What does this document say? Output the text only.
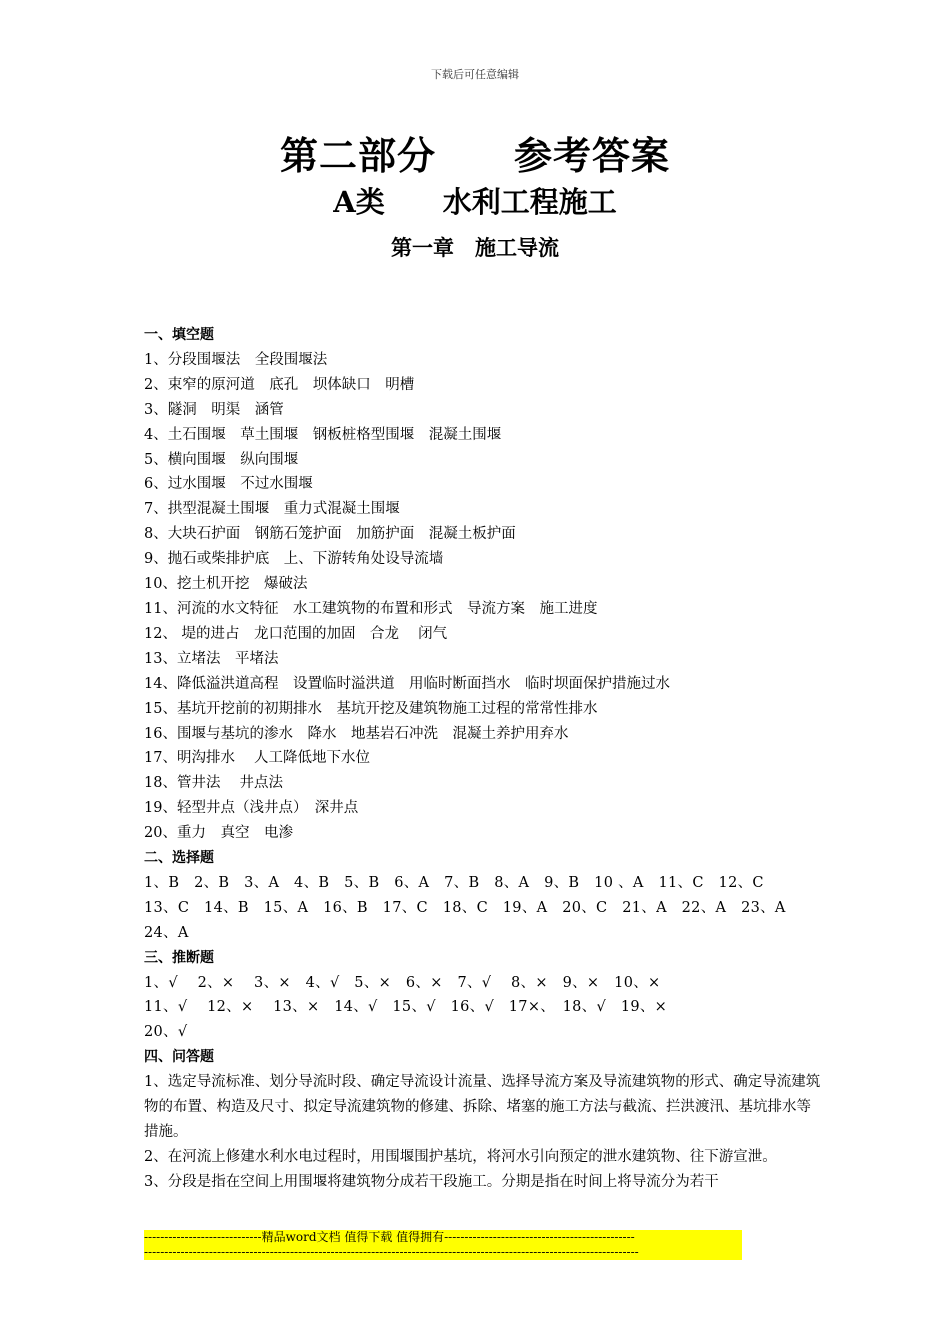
下载后可任意编辑
第二部分　　参考答案
A类　　水利工程施工
第一章　施工导流
一、填空题
1、分段围堰法　全段围堰法
2、束窄的原河道　底孔　坝体缺口　明槽
3、隧洞　明渠　涵管
4、土石围堰　草土围堰　钢板桩格型围堰　混凝土围堰
5、横向围堰　纵向围堰
6、过水围堰　不过水围堰
7、拱型混凝土围堰　重力式混凝土围堰
8、大块石护面　钢筋石笼护面　加筋护面　混凝土板护面
9、抛石或柴排护底　上、下游转角处设导流墙
10、挖土机开挖　爆破法
11、河流的水文特征　水工建筑物的布置和形式　导流方案　施工进度
12、 堤的进占　龙口范围的加固　合龙　 闭气
13、立堵法　平堵法
14、降低溢洪道高程　设置临时溢洪道　用临时断面挡水　临时坝面保护措施过水
15、基坑开挖前的初期排水　基坑开挖及建筑物施工过程的常常性排水
16、围堰与基坑的渗水　降水　地基岩石冲洗　混凝土养护用弃水
17、明沟排水　 人工降低地下水位
18、管井法　 井点法
19、轻型井点（浅井点）　深井点
20、重力　真空　电渗
二、选择题
1、B　2、B　3、A　4、B　5、B　6、A　7、B　8、A　9、B　10 、A　11、C　12、C
13、C　14、B　15、A　16、B　17、C　18、C　19、A　20、C　21、A　22、A　23、A
24、A
三、推断题
1、√　 2、×　 3、×　4、√　5、×　6、×　7、√　 8、×　9、×　10、×
11、√　 12、×　 13、×　14、√　15、√　16、√　17×、　18、√　19、×
20、√
四、问答题
1、选定导流标准、划分导流时段、确定导流设计流量、选择导流方案及导流建筑物的形式、确定导流建筑物的布置、构造及尺寸、拟定导流建筑物的修建、拆除、堵塞的施工方法与截流、拦洪渡汛、基坑排水等措施。
2、在河流上修建水利水电过程时，用围堰围护基坑，将河水引向预定的泄水建筑物、往下游宣泄。
3、分段是指在空间上用围堰将建筑物分成若干段施工。分期是指在时间上将导流分为若干
-----------------------------精品word文档 值得下载 值得拥有-----------------------------------------------
--------------------------------------------------------------------------------------------------------------------------
